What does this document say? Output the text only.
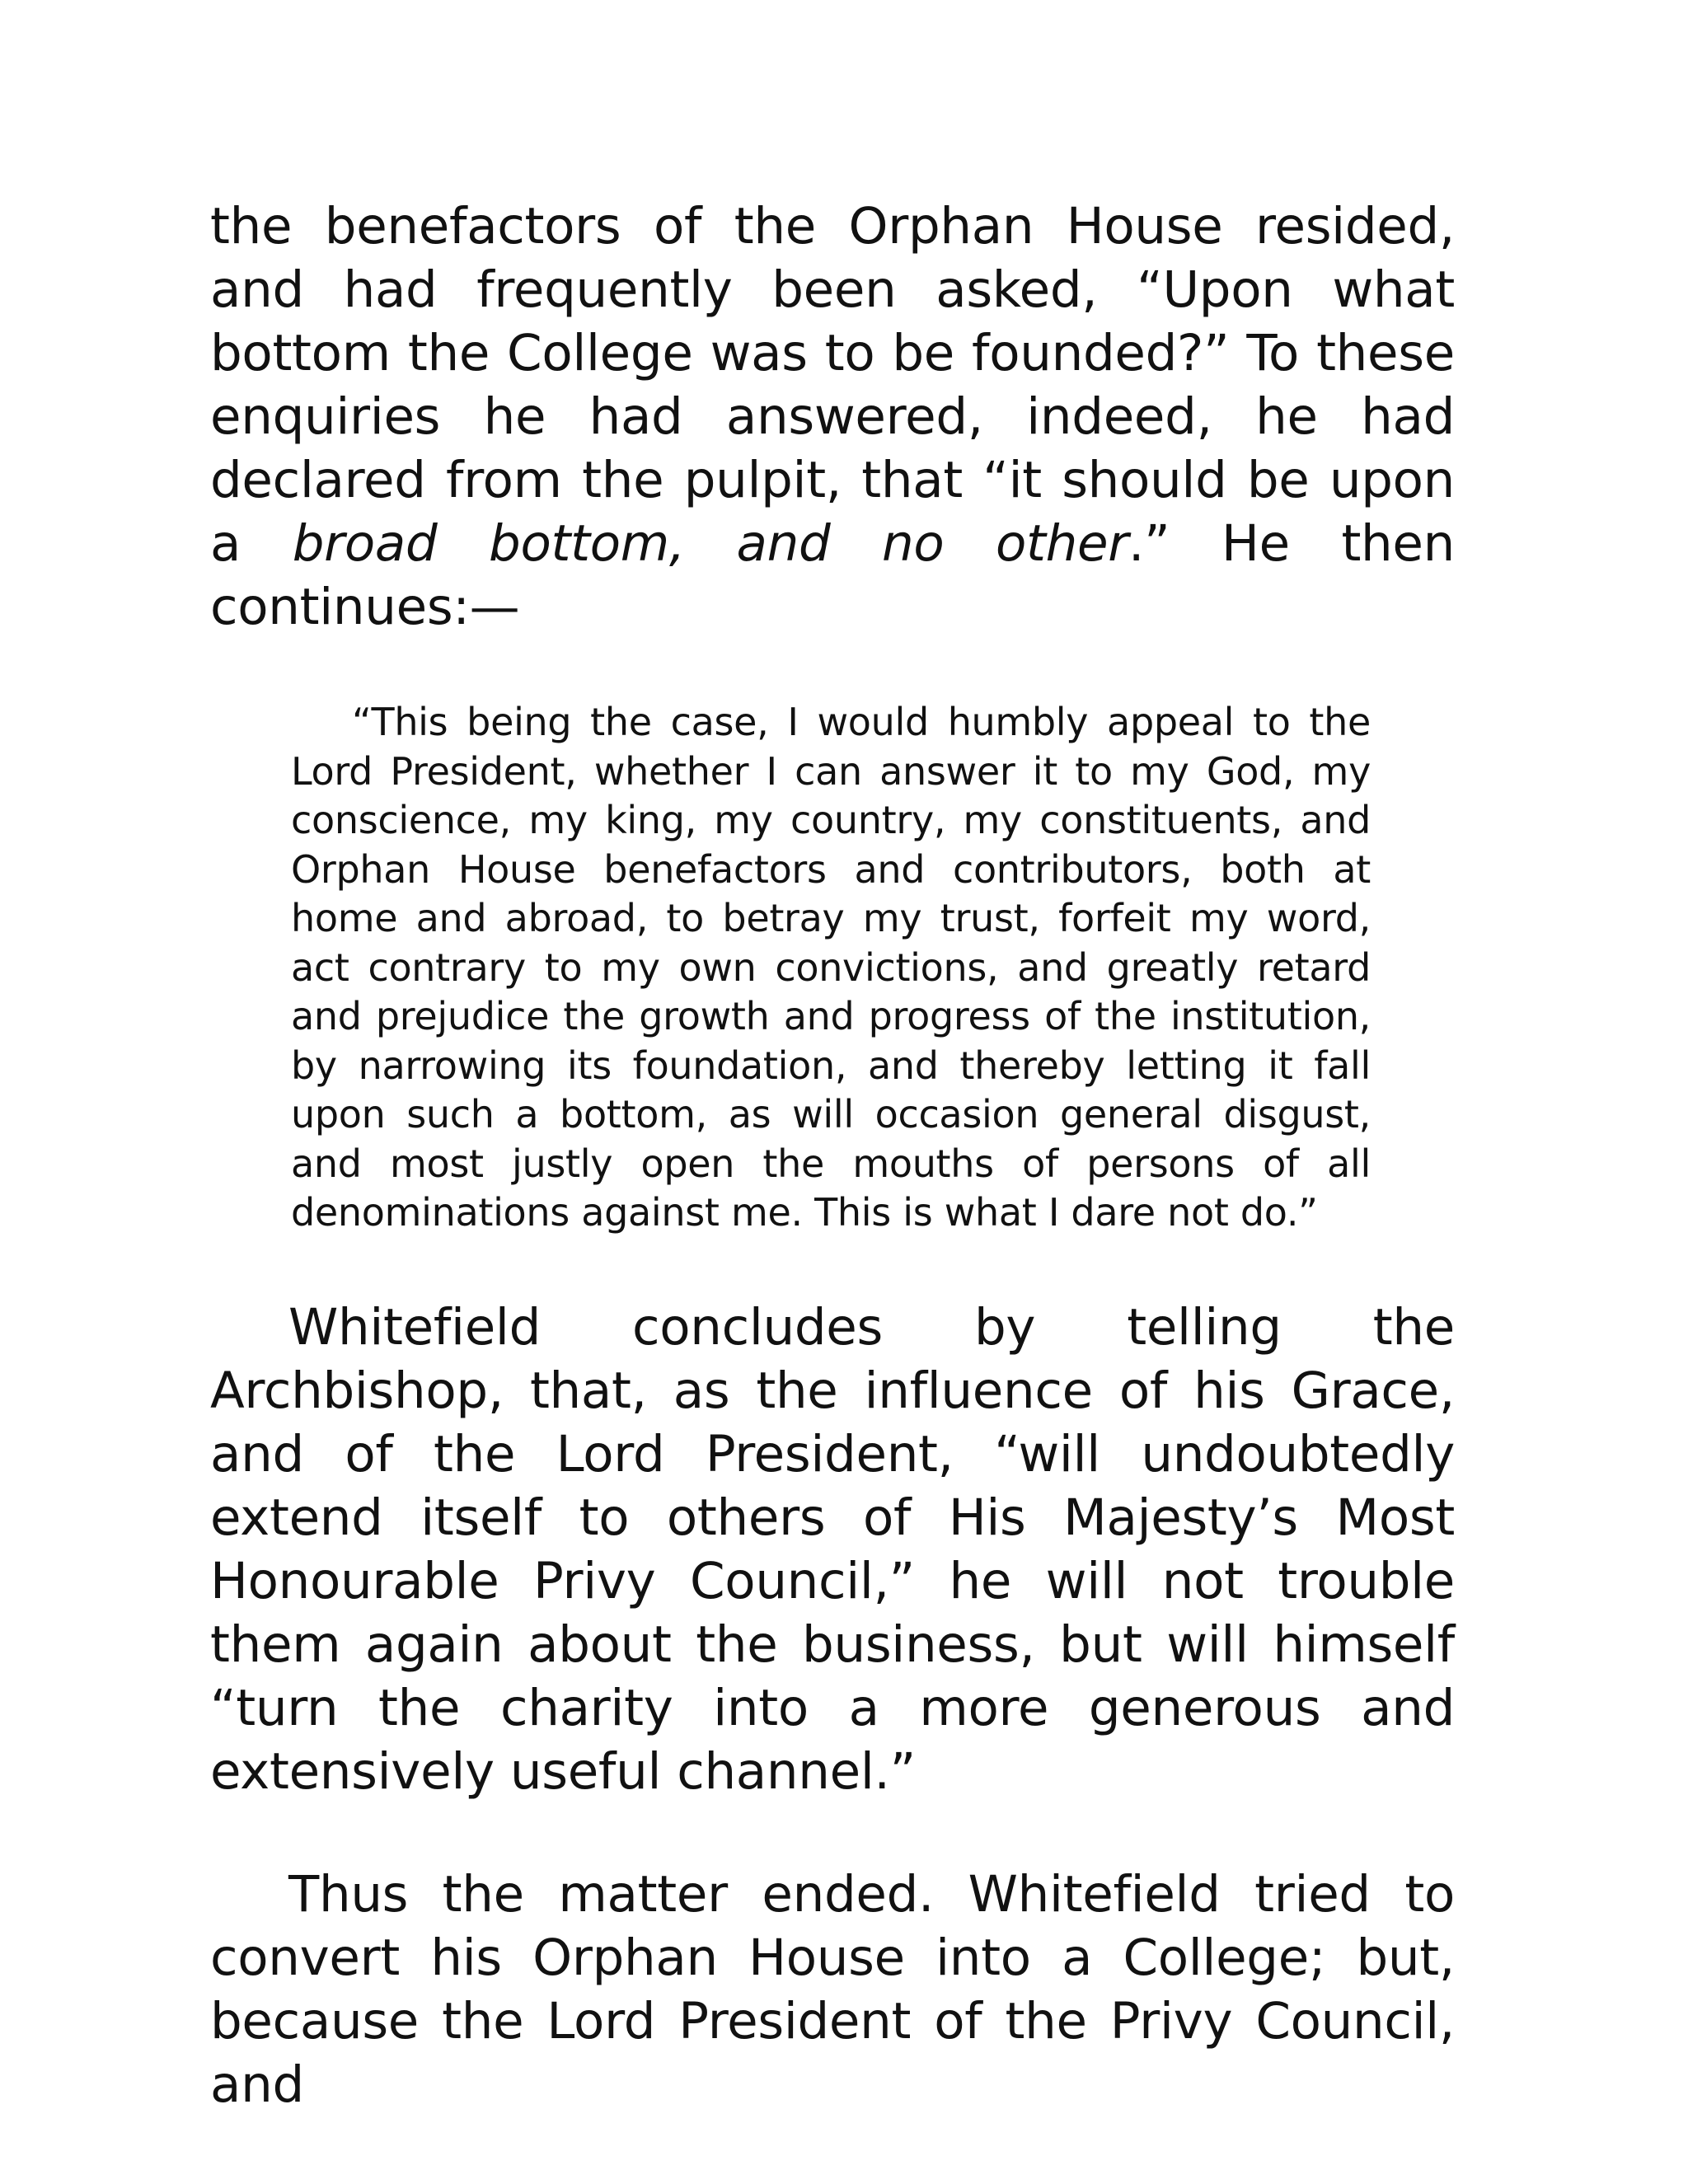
the benefactors of the Orphan House resided, and had frequently been asked, “Upon what bottom the College was to be founded?” To these enquiries he had answered, indeed, he had declared from the pulpit, that “it should be upon a broad bottom, and no other.” He then continues:—

“This being the case, I would humbly appeal to the Lord President, whether I can answer it to my God, my conscience, my king, my country, my constituents, and Orphan House benefactors and contributors, both at home and abroad, to betray my trust, forfeit my word, act contrary to my own convictions, and greatly retard and prejudice the growth and progress of the institution, by narrowing its foundation, and thereby letting it fall upon such a bottom, as will occasion general disgust, and most justly open the mouths of persons of all denominations against me. This is what I dare not do.”

Whitefield concludes by telling the Archbishop, that, as the influence of his Grace, and of the Lord President, “will undoubtedly extend itself to others of His Majesty’s Most Honourable Privy Council,” he will not trouble them again about the business, but will himself “turn the charity into a more generous and extensively useful channel.”

Thus the matter ended. Whitefield tried to convert his Orphan House into a College; but, because the Lord President of the Privy Council, and
